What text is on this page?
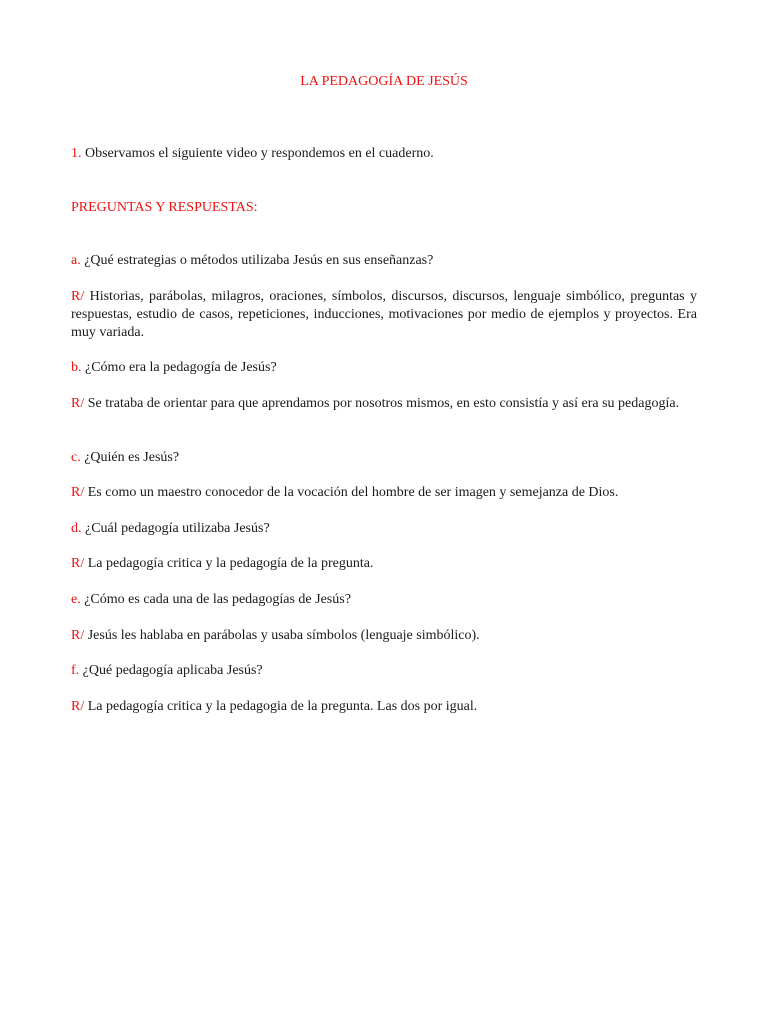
LA PEDAGOGÍA DE JESÚS

1. Observamos el siguiente video y respondemos en el cuaderno.

PREGUNTAS Y RESPUESTAS:

a. ¿Qué estrategias o métodos utilizaba Jesús en sus enseñanzas?

R/ Historias, parábolas, milagros, oraciones, símbolos, discursos, discursos, lenguaje simbólico, preguntas y respuestas, estudio de casos, repeticiones, inducciones, motivaciones por medio de ejemplos y proyectos. Era muy variada.

b. ¿Cómo era la pedagogía de Jesús?

R/ Se trataba de orientar para que aprendamos por nosotros mismos, en esto consistía y así era su pedagogía.

c. ¿Quién es Jesús?

R/ Es como un maestro conocedor de la vocación del hombre de ser imagen y semejanza de Dios.

d. ¿Cuál pedagogía utilizaba Jesús?

R/ La pedagogía critica y la pedagogía de la pregunta.

e. ¿Cómo es cada una de las pedagogías de Jesús?

R/ Jesús les hablaba en parábolas y usaba símbolos (lenguaje simbólico).

f. ¿Qué pedagogía aplicaba Jesús?

R/ La pedagogía critica y la pedagogia de la pregunta. Las dos por igual.
